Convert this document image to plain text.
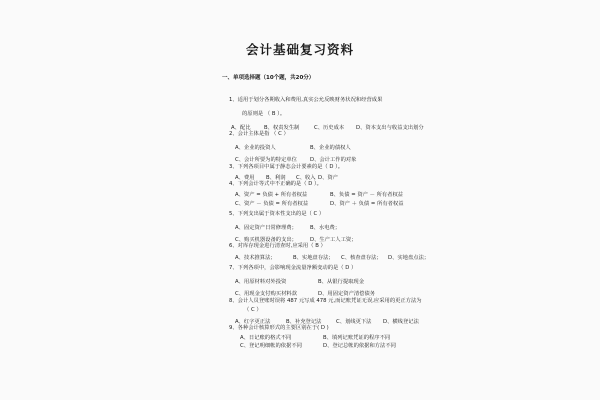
会计基础复习资料
一、单项选择题（10个题，共20分）
1、适用于划分各期收入和费用,真实公允反映财务状况和经营成果
的原则是 （ B ）。
A、配比	B、权责发生制	C、历史成本 D、资本支出与收益支出划分
2、会计主体是指 （ C ）
A、企业的投资人	B、企业的债权人
C、会计所要为的特定单位 D、会计工作的对象
3、下列各项目中属于静态会计要素的是（ D ）。
A、费用 B、利润 C、收入 D、资产
4、下列会计等式中不正确的是（ D ）。
A、资产 = 负债 + 所有者权益	B、负债 = 资产 － 所有者权益
C、资产 － 负债 = 所有者权益	D、资产 ＋ 负债 = 所有者权益
5、下列支出属于资本性支出的是（ C ）
A、固定资产日常修理费； B、水电费；
C、购买机器设备的支出； D、生产工人工资；
6、对库存现金进行清查时,应采用（ B ）
A、技术推算法；	B、实地盘存法； C、核查盘存法； D、实地盘点法；
7、下列各项中，会影响现金流量净额变动的是（ D ）
A、用原材料对外投资	B、从银行提取现金
C、用现金支付购买材料款	D、用固定资产清偿债务
8、会计人员登账时误将 487 元写成 478 元,而记账凭证无误,应采用的更正方法为
（ C ）
A、红字更正法	B、补充登记法	C、划线更下法 D、横线登记法
9、各种会计核算形式的主要区别在于( D )
A、日记账的格式不同	B、填列记账凭证的程序不同
C、登记明细帐的依据不同	D、登记总帐的依据和方法不同
